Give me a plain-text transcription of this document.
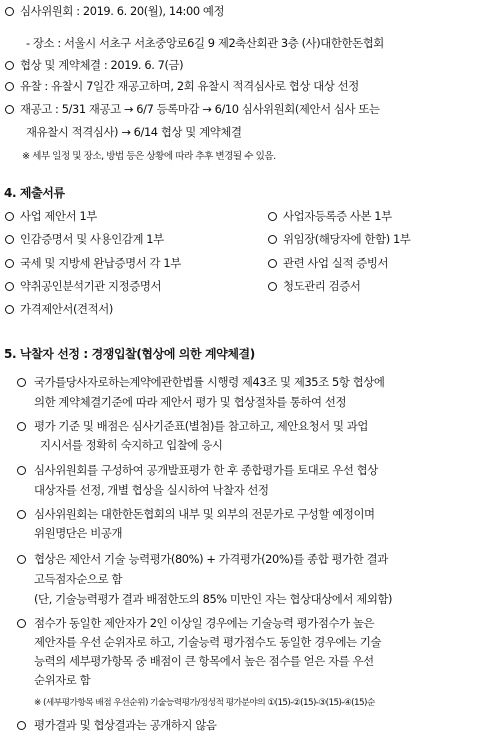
심사위원회 : 2019. 6. 20(월), 14:00 예정
- 장소 : 서울시 서초구 서초중앙로6길 9 제2축산회관 3층 (사)대한한돈협회
협상 및 계약체결 : 2019. 6. 7(금)
유찰 : 유찰시 7일간 재공고하며, 2회 유찰시 적격심사로 협상 대상 선정
재공고 : 5/31 재공고 → 6/7 등록마감 → 6/10 심사위원회(제안서 심사 또는
재유찰시 적격심사) → 6/14 협상 및 계약체결
※ 세부 일정 및 장소, 방법 등은 상황에 따라 추후 변경될 수 있음.
4. 제출서류
사업 제안서 1부
인감증명서 및 사용인감계 1부
국세 및 지방세 완납증명서 각 1부
약취공인분석기관 지정증명서
가격제안서(견적서)
사업자등록증 사본 1부
위임장(해당자에 한함) 1부
관련 사업 실적 증빙서
청도관리 검증서
5. 낙찰자 선정 : 경쟁입찰(협상에 의한 계약체결)
국가를당사자로하는계약에관한법률 시행령 제43조 및 제35조 5항 협상에
의한 계약체결기준에 따라 제안서 평가 및 협상절차를 통하여 선정
평가 기준 및 배점은 심사기준표(별첨)를 참고하고, 제안요청서 및 과업
지시서를 정확히 숙지하고 입찰에 응시
심사위원회를 구성하여 공개발표평가 한 후 종합평가를 토대로 우선 협상
대상자를 선정, 개별 협상을 실시하여 낙찰자 선정
심사위원회는 대한한돈협회의 내부 및 외부의 전문가로 구성할 예정이며
위원명단은 비공개
협상은 제안서 기술 능력평가(80%) + 가격평가(20%)를 종합 평가한 결과
고득점자순으로 함
(단, 기술능력평가 결과 배점한도의 85% 미만인 자는 협상대상에서 제외함)
점수가 동일한 제안자가 2인 이상일 경우에는 기술능력 평가점수가 높은
제안자를 우선 순위자로 하고, 기술능력 평가점수도 동일한 경우에는 기술
능력의 세부평가항목 중 배점이 큰 항목에서 높은 점수를 얻은 자를 우선
순위자로 함
※ (세부평가항목 배점 우선순위) 기술능력평가/정성적 평가분야의 ①(15)-②(15)-③(15)-④(15)순
평가결과 및 협상결과는 공개하지 않음
